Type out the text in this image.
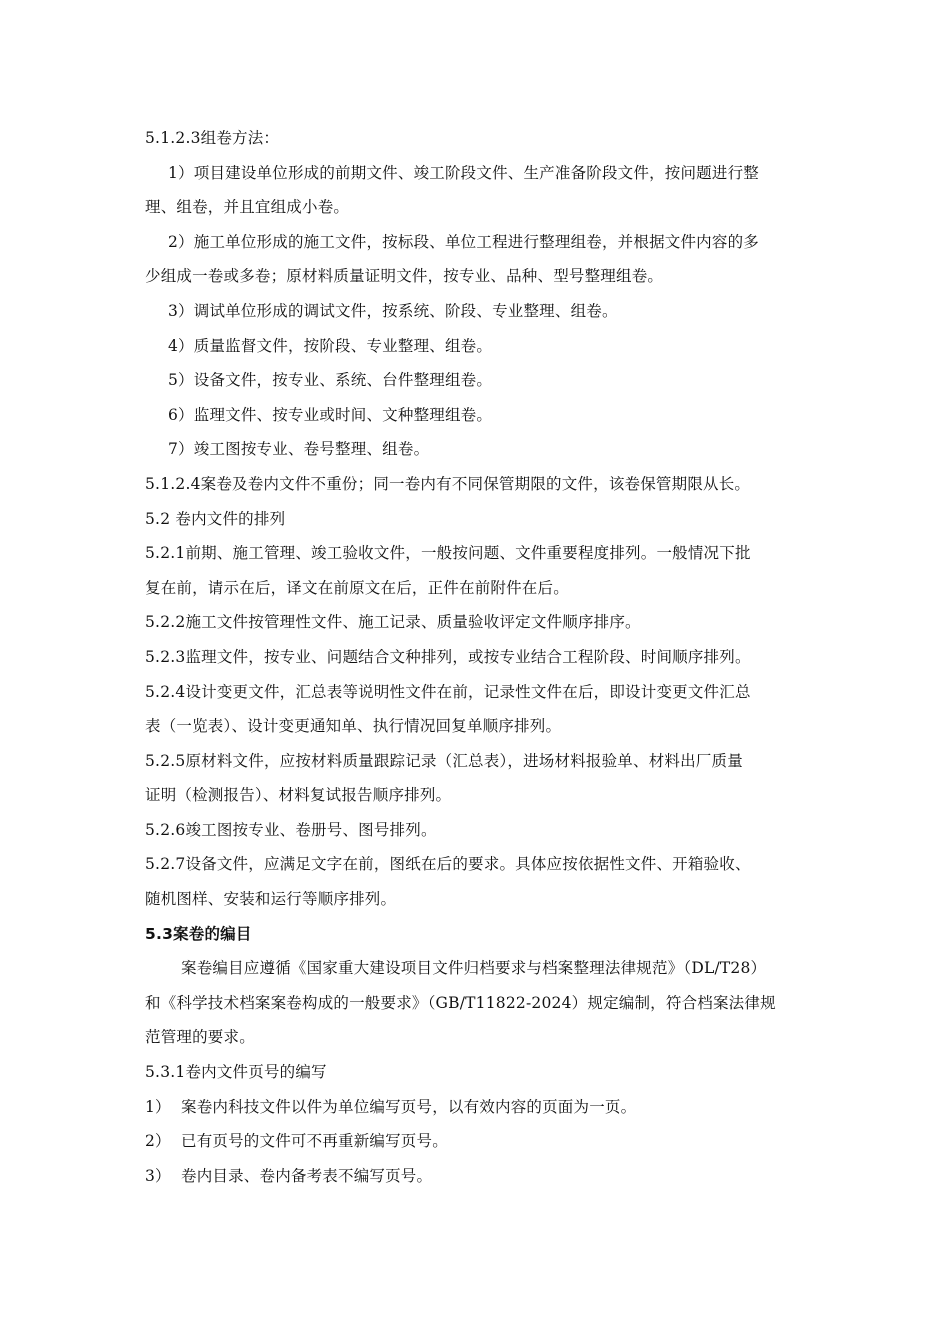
5.1.2.3组卷方法：
1）项目建设单位形成的前期文件、竣工阶段文件、生产准备阶段文件，按问题进行整
理、组卷，并且宜组成小卷。
2）施工单位形成的施工文件，按标段、单位工程进行整理组卷，并根据文件内容的多
少组成一卷或多卷；原材料质量证明文件，按专业、品种、型号整理组卷。
3）调试单位形成的调试文件，按系统、阶段、专业整理、组卷。
4）质量监督文件，按阶段、专业整理、组卷。
5）设备文件，按专业、系统、台件整理组卷。
6）监理文件、按专业或时间、文种整理组卷。
7）竣工图按专业、卷号整理、组卷。
5.1.2.4案卷及卷内文件不重份；同一卷内有不同保管期限的文件，该卷保管期限从长。
5.2 卷内文件的排列
5.2.1前期、施工管理、竣工验收文件，一般按问题、文件重要程度排列。一般情况下批
复在前，请示在后，译文在前原文在后，正件在前附件在后。
5.2.2施工文件按管理性文件、施工记录、质量验收评定文件顺序排序。
5.2.3监理文件，按专业、问题结合文种排列，或按专业结合工程阶段、时间顺序排列。
5.2.4设计变更文件，汇总表等说明性文件在前，记录性文件在后，即设计变更文件汇总
表（一览表）、设计变更通知单、执行情况回复单顺序排列。
5.2.5原材料文件，应按材料质量跟踪记录（汇总表），进场材料报验单、材料出厂质量
证明（检测报告）、材料复试报告顺序排列。
5.2.6竣工图按专业、卷册号、图号排列。
5.2.7设备文件，应满足文字在前，图纸在后的要求。具体应按依据性文件、开箱验收、
随机图样、安装和运行等顺序排列。
5.3案卷的编目
案卷编目应遵循《国家重大建设项目文件归档要求与档案整理法律规范》（DL/T28）
和《科学技术档案案卷构成的一般要求》（GB/T11822-2024）规定编制，符合档案法律规
范管理的要求。
5.3.1卷内文件页号的编写
1） 案卷内科技文件以件为单位编写页号，以有效内容的页面为一页。
2） 已有页号的文件可不再重新编写页号。
3） 卷内目录、卷内备考表不编写页号。
